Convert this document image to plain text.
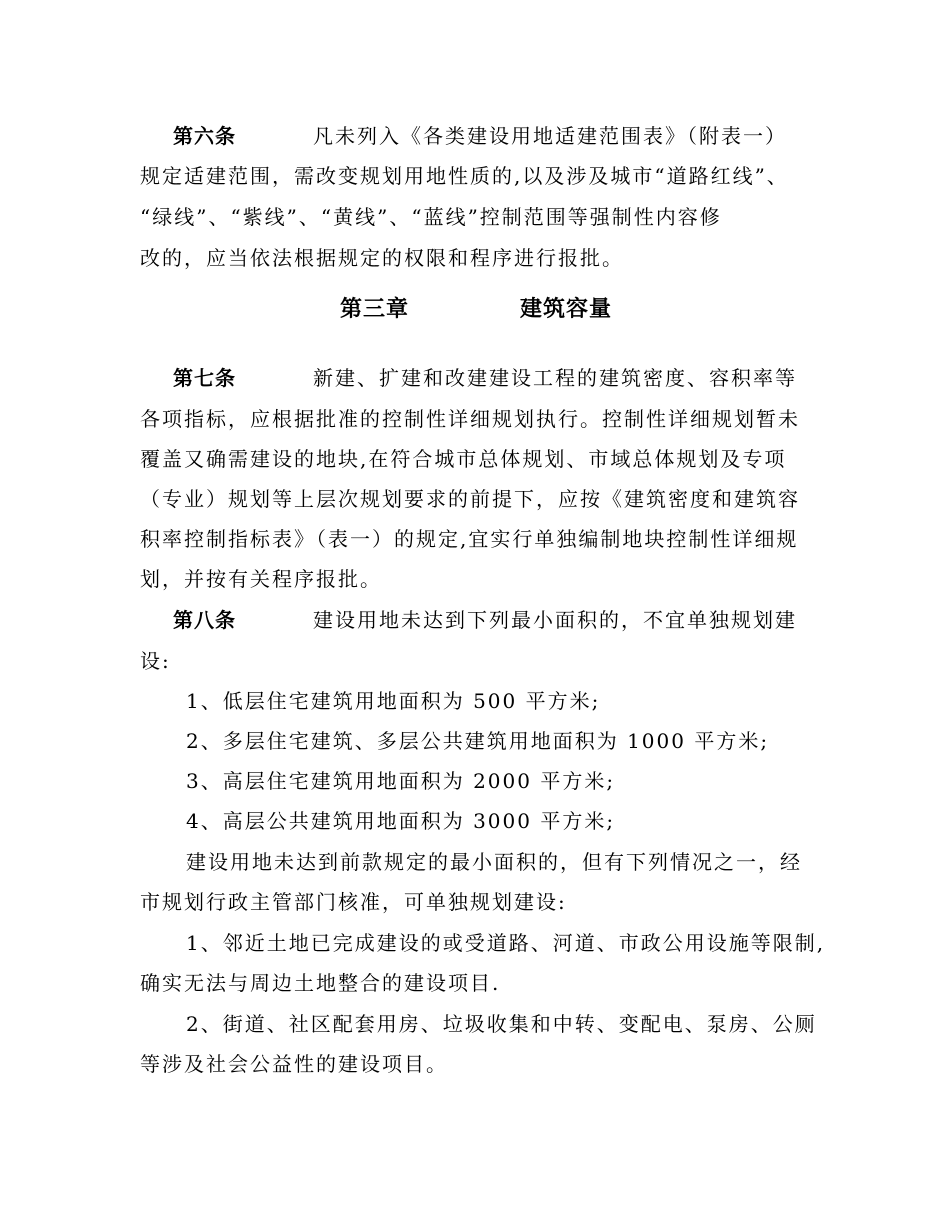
第六条	凡未列入《各类建设用地适建范围表》（附表一）
规定适建范围，需改变规划用地性质的,以及涉及城市“道路红线”、
“绿线”、“紫线”、“黄线”、“蓝线”控制范围等强制性内容修
改的，应当依法根据规定的权限和程序进行报批。
第三章	建筑容量
第七条	新建、扩建和改建建设工程的建筑密度、容积率等
各项指标，应根据批准的控制性详细规划执行。控制性详细规划暂未
覆盖又确需建设的地块,在符合城市总体规划、市域总体规划及专项
（专业）规划等上层次规划要求的前提下，应按《建筑密度和建筑容
积率控制指标表》（表一）的规定,宜实行单独编制地块控制性详细规
划，并按有关程序报批。
第八条	建设用地未达到下列最小面积的，不宜单独规划建
设:
1、低层住宅建筑用地面积为 500 平方米;
2、多层住宅建筑、多层公共建筑用地面积为 1000 平方米;
3、高层住宅建筑用地面积为 2000 平方米;
4、高层公共建筑用地面积为 3000 平方米;
建设用地未达到前款规定的最小面积的，但有下列情况之一，经
市规划行政主管部门核准，可单独规划建设:
1、邻近土地已完成建设的或受道路、河道、市政公用设施等限制,
确实无法与周边土地整合的建设项目.
2、街道、社区配套用房、垃圾收集和中转、变配电、泵房、公厕
等涉及社会公益性的建设项目。
